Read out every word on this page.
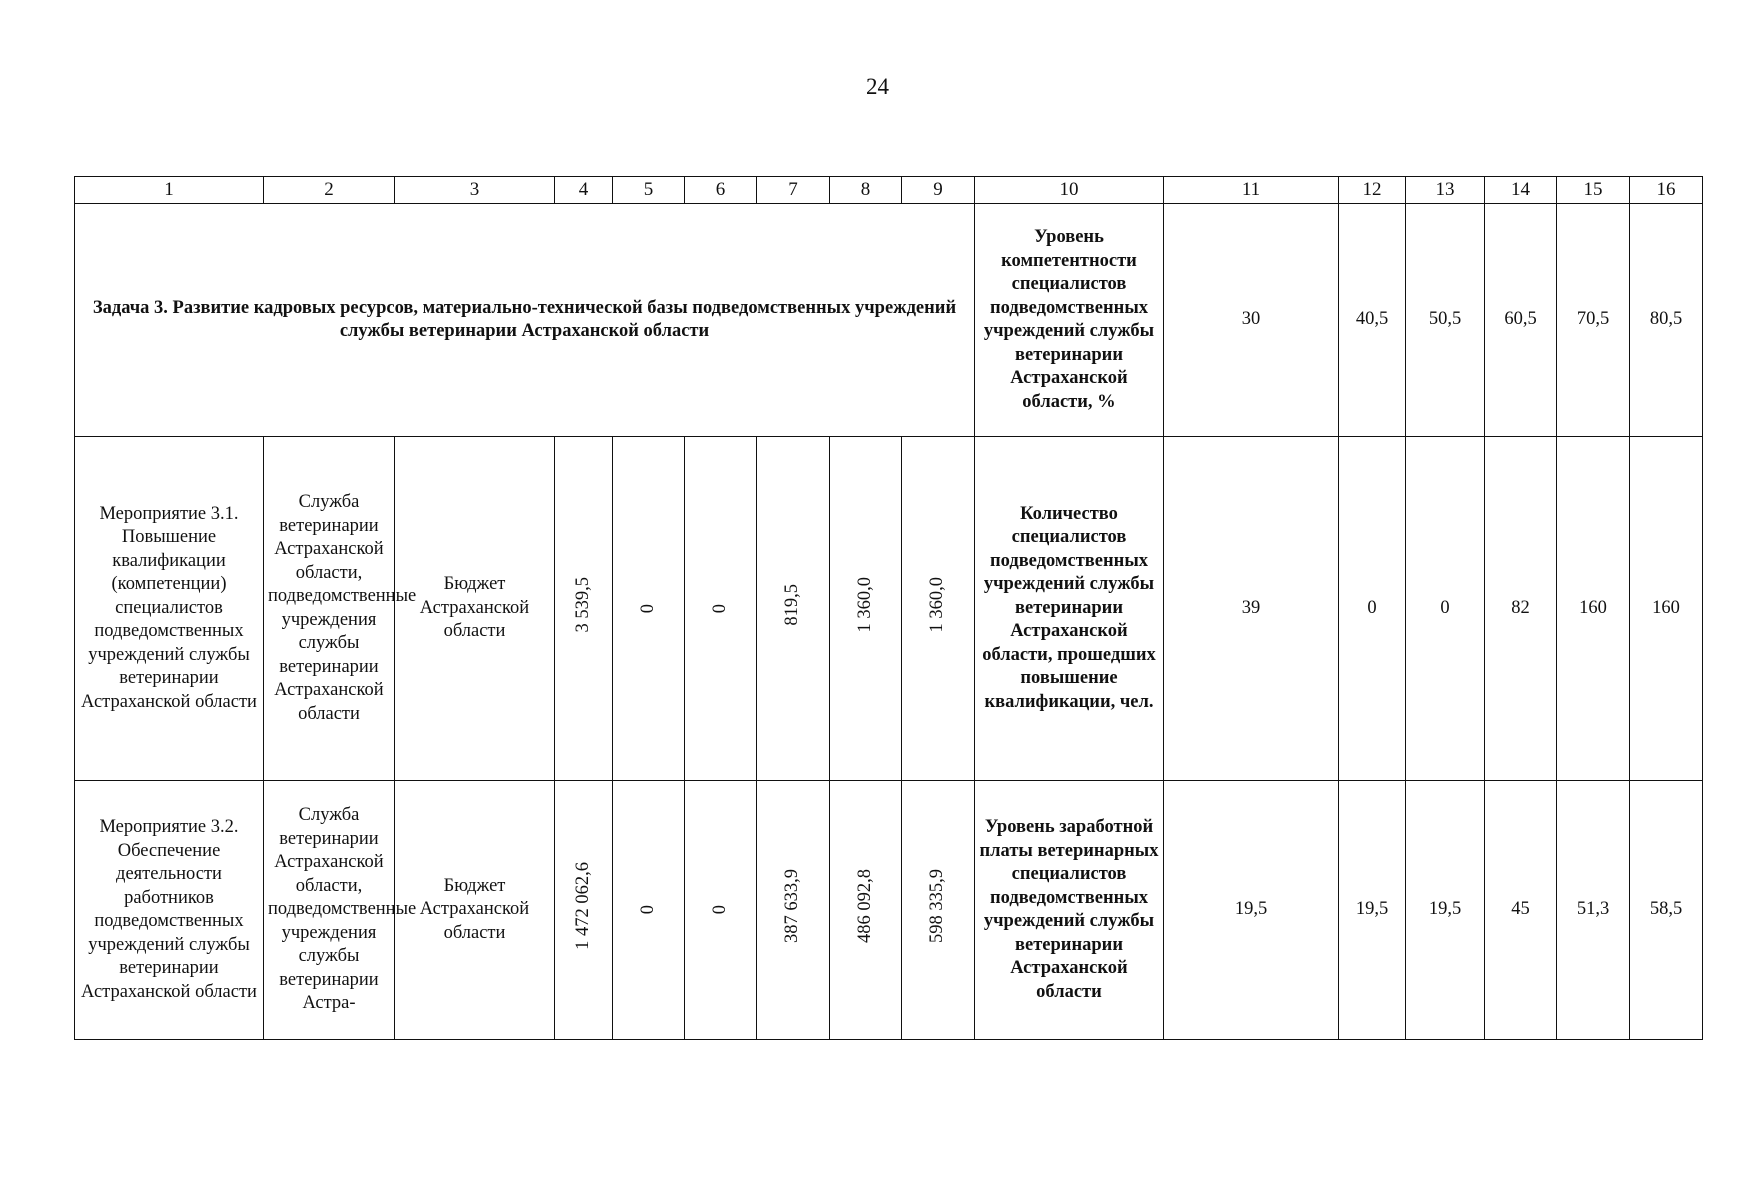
24
1	2	3	4	5	6	7	8	9	10	11	12	13	14	15	16
Задача 3. Развитие кадровых ресурсов, материально-технической базы подведомственных учреждений службы ветеринарии Астраханской области									Уровень компетентности специалистов подведомственных учреждений службы ветеринарии Астраханской области, %	30	40,5	50,5	60,5	70,5	80,5
Мероприятие 3.1. Повышение квалификации (компетенции) специалистов подведомственных учреждений службы ветеринарии Астраханской области	Служба ветеринарии Астраханской области, подведомственные учреждения службы ветеринарии Астраханской области	Бюджет Астраханской области	3 539,5	0	0	819,5	1 360,0	1 360,0	Количество специалистов подведомственных учреждений службы ветеринарии Астраханской области, прошедших повышение квалификации, чел.	39	0	0	82	160	160
Мероприятие 3.2. Обеспечение деятельности работников подведомственных учреждений службы ветеринарии Астраханской области	Служба ветеринарии Астраханской области, подведомственные учреждения службы ветеринарии Астра-	Бюджет Астраханской области	1 472 062,6	0	0	387 633,9	486 092,8	598 335,9	Уровень заработной платы ветеринарных специалистов подведомственных учреждений службы ветеринарии Астраханской области	19,5	19,5	19,5	45	51,3	58,5
